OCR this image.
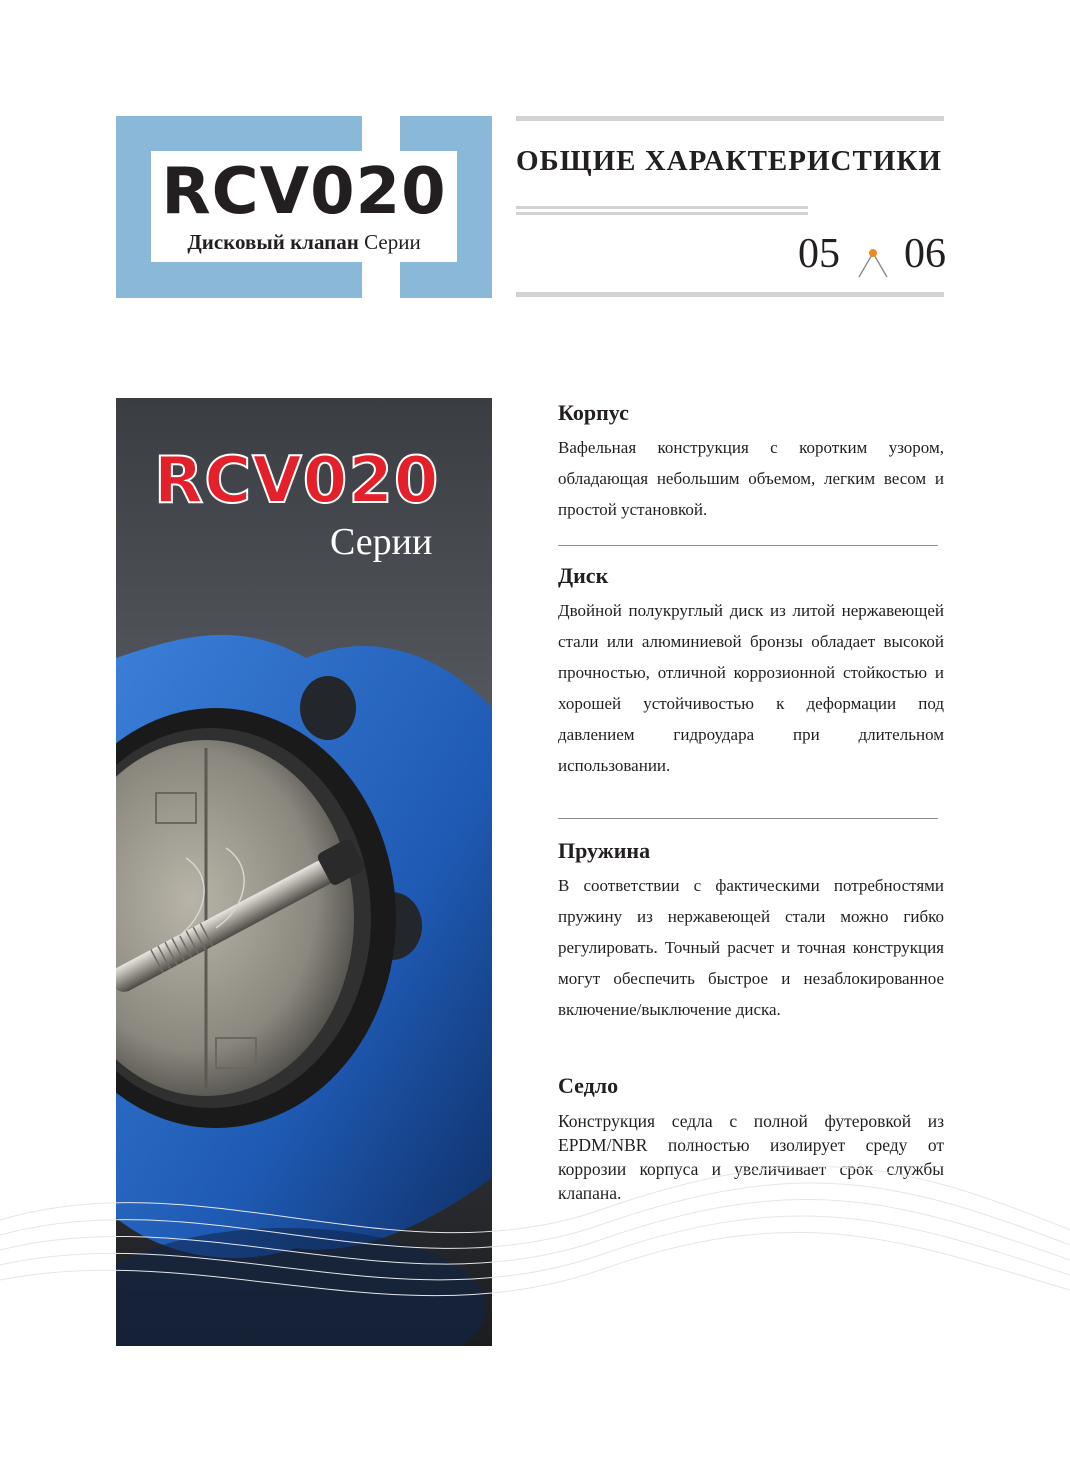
RCV020
Дисковый клапан Серии
ОБЩИЕ ХАРАКТЕРИСТИКИ
05 06
RCV020
Серии

Корпус

Вафельная конструкция с коротким узором, обладающая небольшим объемом, легким весом и простой установкой.

Диск

Двойной полукруглый диск из литой нержавеющей стали или алюминиевой бронзы обладает высокой прочностью, отличной коррозионной стойкостью и хорошей устойчивостью к деформации под давлением гидроудара при длительном использовании.

Пружина

В соответствии с фактическими потребностями пружину из нержавеющей стали можно гибко регулировать. Точный расчет и точная конструкция могут обеспечить быстрое и незаблокированное включение/выключение диска.

Седло

Конструкция седла с полной футеровкой из EPDM/NBR полностью изолирует среду от коррозии корпуса и увеличивает срок службы клапана.
